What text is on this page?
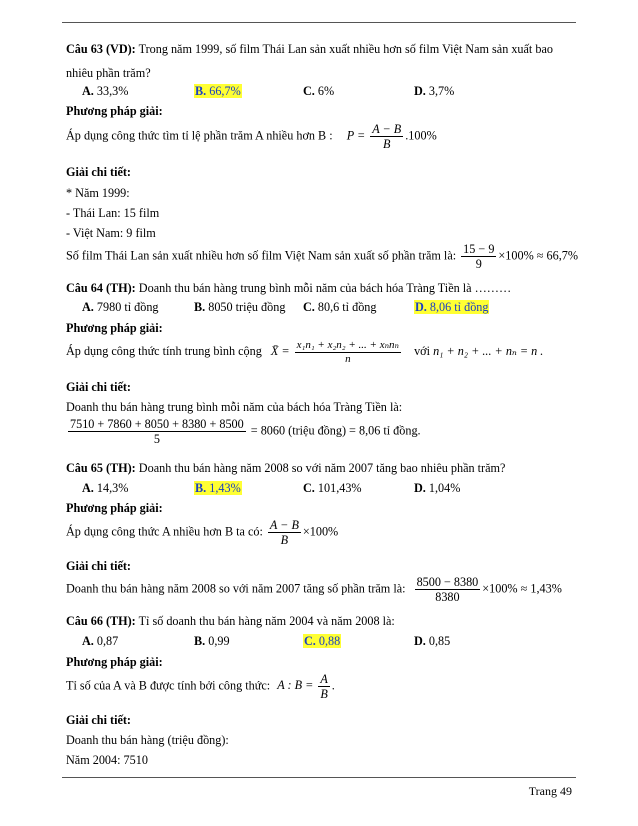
Câu 63 (VD): Trong năm 1999, số film Thái Lan sản xuất nhiều hơn số film Việt Nam sản xuất bao
nhiêu phần trăm?
A. 33,3%	B. 66,7%	C. 6%	D. 3,7%
Phương pháp giải:
Áp dụng công thức tìm tỉ lệ phần trăm A nhiều hơn B : $P = \frac{A - B}{B} .100\%$
Giải chi tiết:
* Năm 1999:
- Thái Lan: 15 film
- Việt Nam: 9 film
Số film Thái Lan sản xuất nhiều hơn số film Việt Nam sản xuất số phần trăm là: $\frac{15 - 9}{9} \times 100\% \approx 66,7\%$
Câu 64 (TH): Doanh thu bán hàng trung bình mỗi năm của bách hóa Tràng Tiền là ………
A. 7980 tỉ đồng	B. 8050 triệu đồng C. 80,6 tỉ đồng	D. 8,06 tỉ đồng
Phương pháp giải:
Áp dụng công thức tính trung bình cộng X̄ = $\frac{\text{x₁n₁ + x₂n₂ + ... + xₙnₙ}}{n}$ với n₁ + n₂ + ... + nₙ = n .
Giải chi tiết:
Doanh thu bán hàng trung bình mỗi năm của bách hóa Tràng Tiền là:
$\frac{7510 + 7860 + 8050 + 8380 + 8500}{5} = 8060$ (triệu đồng) = 8,06 tỉ đồng.
Câu 65 (TH): Doanh thu bán hàng năm 2008 so với năm 2007 tăng bao nhiêu phần trăm?
A. 14,3%	B. 1,43%	C. 101,43%	D. 1,04%
Phương pháp giải:
Áp dụng công thức A nhiều hơn B ta có: $\frac{A - B}{B} \times 100\%$
Giải chi tiết:
Doanh thu bán hàng năm 2008 so với năm 2007 tăng số phần trăm là: $\frac{8500 - 8380}{8380} \times 100\% \approx 1,43\%$
Câu 66 (TH): Tỉ số doanh thu bán hàng năm 2004 và năm 2008 là:
A. 0,87	B. 0,99	C. 0,88	D. 0,85
Phương pháp giải:
Tỉ số của A và B được tính bởi công thức: A : $B = \frac{A}{B}$ .
Giải chi tiết:
Doanh thu bán hàng (triệu đồng):
Năm 2004: 7510
Trang 49
